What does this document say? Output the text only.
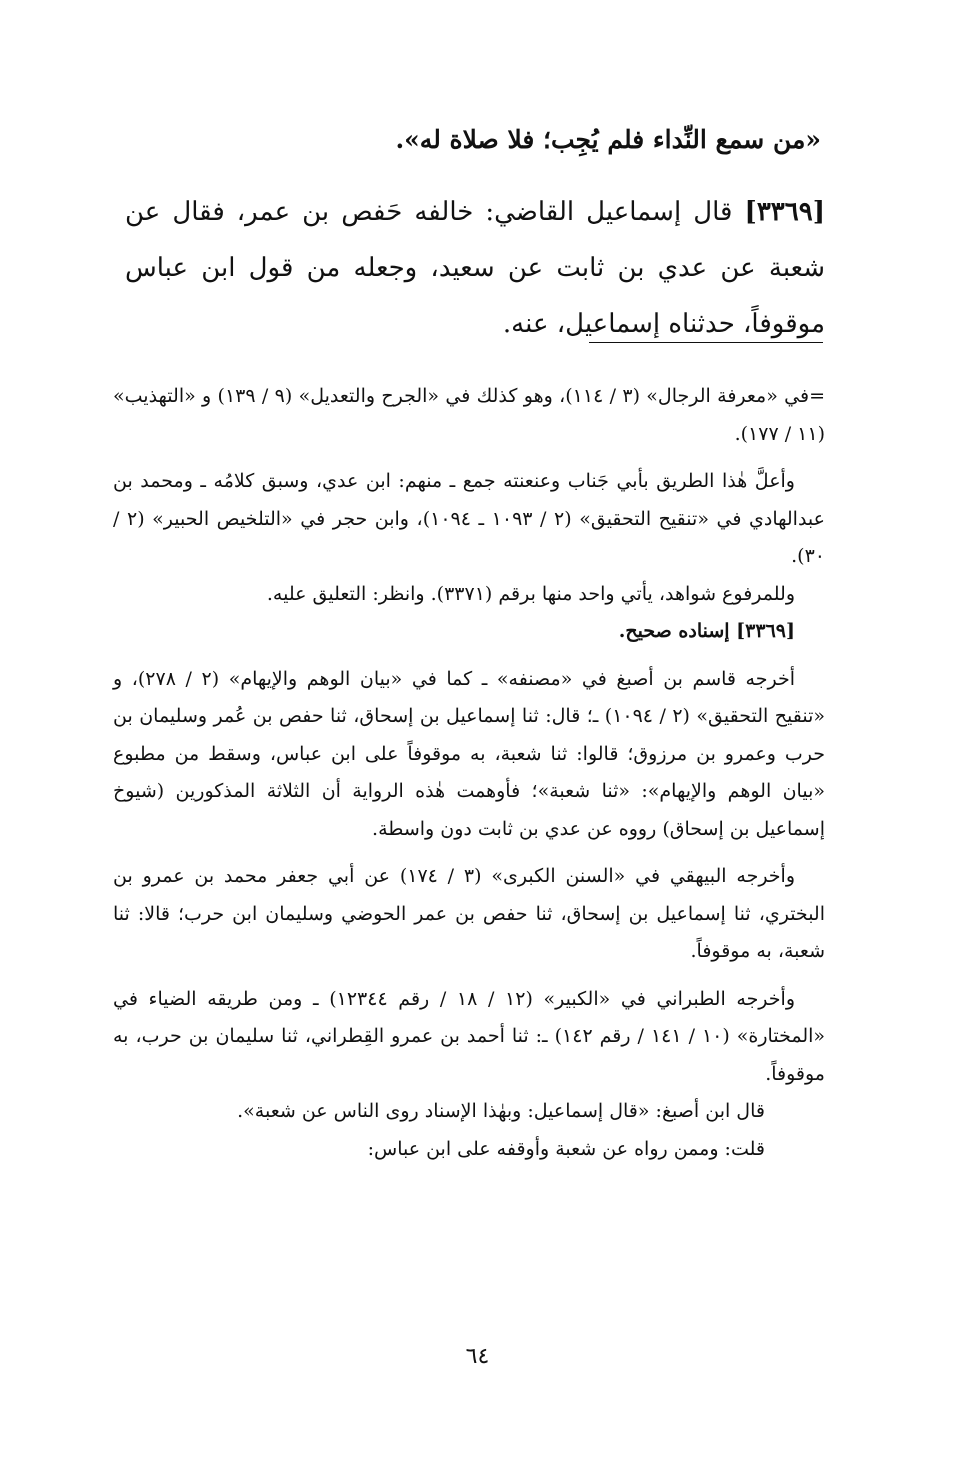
«من سمع النِّداء فلم يُجِب؛ فلا صلاة له».

[٣٣٦٩] قال إسماعيل القاضي: خالفه حَفص بن عمر، فقال عن شعبة عن عدي بن ثابت عن سعيد، وجعله من قول ابن عباس موقوفاً، حدثناه إسماعيل، عنه.

=في «معرفة الرجال» (٣ / ١١٤)، وهو كذلك في «الجرح والتعديل» (٩ / ١٣٩) و «التهذيب» (١١ / ١٧٧).

وأعلَّ هٰذا الطريق بأبي جَناب وعنعنته جمع ـ منهم: ابن عدي، وسبق كلامُه ـ ومحمد بن عبدالهادي في «تنقيح التحقيق» (٢ / ١٠٩٣ ـ ١٠٩٤)، وابن حجر في «التلخيص الحبير» (٢ / ٣٠).

وللمرفوع شواهد، يأتي واحد منها برقم (٣٣٧١). وانظر: التعليق عليه.

[٣٣٦٩] إسناده صحيح.

أخرجه قاسم بن أصبغ في «مصنفه» ـ كما في «بيان الوهم والإيهام» (٢ / ٢٧٨)، و «تنقيح التحقيق» (٢ / ١٠٩٤) ـ؛ قال: ثنا إسماعيل بن إسحاق، ثنا حفص بن عُمر وسليمان بن حرب وعمرو بن مرزوق؛ قالوا: ثنا شعبة، به موقوفاً على ابن عباس، وسقط من مطبوع «بيان الوهم والإيهام»: «ثنا شعبة»؛ فأوهمت هٰذه الرواية أن الثلاثة المذكورين (شيوخ إسماعيل بن إسحاق) رووه عن عدي بن ثابت دون واسطة.

وأخرجه البيهقي في «السنن الكبرى» (٣ / ١٧٤) عن أبي جعفر محمد بن عمرو بن البختري، ثنا إسماعيل بن إسحاق، ثنا حفص بن عمر الحوضي وسليمان ابن حرب؛ قالا: ثنا شعبة، به موقوفاً.

وأخرجه الطبراني في «الكبير» (١٢ / ١٨ / رقم ١٢٣٤٤) ـ ومن طريقه الضياء في «المختارة» (١٠ / ١٤١ / رقم ١٤٢) ـ: ثنا أحمد بن عمرو القِطراني، ثنا سليمان بن حرب، به موقوفاً.

قال ابن أصبغ: «قال إسماعيل: وبهٰذا الإسناد روى الناس عن شعبة».

قلت: وممن رواه عن شعبة وأوقفه على ابن عباس:

٦٤
